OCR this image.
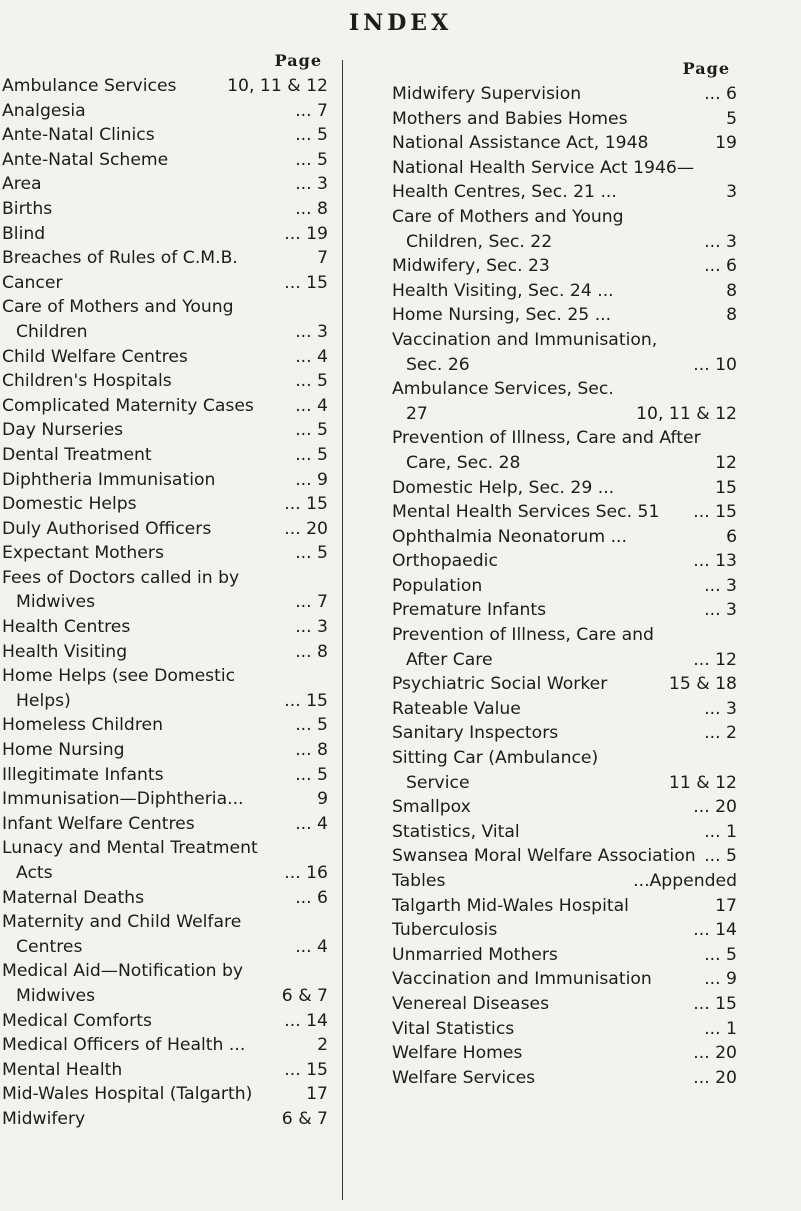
INDEX
Page
Ambulance Services	10, 11 & 12
Analgesia	... 7
Ante-Natal Clinics	... 5
Ante-Natal Scheme	... 5
Area	... 3
Births	... 8
Blind	... 19
Breaches of Rules of C.M.B.	7
Cancer	... 15
Care of Mothers and Young Children	... 3
Child Welfare Centres	... 4
Children's Hospitals	... 5
Complicated Maternity Cases	... 4
Day Nurseries	... 5
Dental Treatment	... 5
Diphtheria Immunisation	... 9
Domestic Helps	... 15
Duly Authorised Officers	... 20
Expectant Mothers	... 5
Fees of Doctors called in by Midwives	... 7
Health Centres	... 3
Health Visiting	... 8
Home Helps (see Domestic Helps)	... 15
Homeless Children	... 5
Home Nursing	... 8
Illegitimate Infants	... 5
Immunisation—Diphtheria...	9
Infant Welfare Centres	... 4
Lunacy and Mental Treatment Acts	... 16
Maternal Deaths	... 6
Maternity and Child Welfare Centres	... 4
Medical Aid—Notification by Midwives	6 & 7
Medical Comforts	... 14
Medical Officers of Health ...	2
Mental Health	... 15
Mid-Wales Hospital (Talgarth)	17
Midwifery	6 & 7
Page
Midwifery Supervision	... 6
Mothers and Babies Homes	5
National Assistance Act, 1948	19
National Health Service Act 1946—
Health Centres, Sec. 21 ...	3
Care of Mothers and Young Children, Sec. 22	... 3
Midwifery, Sec. 23	... 6
Health Visiting, Sec. 24 ...	8
Home Nursing, Sec. 25 ...	8
Vaccination and Immunisation, Sec. 26	... 10
Ambulance Services, Sec. 27	10, 11 & 12
Prevention of Illness, Care and After Care, Sec. 28	12
Domestic Help, Sec. 29 ...	15
Mental Health Services Sec. 51	... 15
Ophthalmia Neonatorum ...	6
Orthopaedic	... 13
Population	... 3
Premature Infants	... 3
Prevention of Illness, Care and After Care	... 12
Psychiatric Social Worker	15 & 18
Rateable Value	... 3
Sanitary Inspectors	... 2
Sitting Car (Ambulance) Service	11 & 12
Smallpox	... 20
Statistics, Vital	... 1
Swansea Moral Welfare Association ... 5
Tables	...Appended
Talgarth Mid-Wales Hospital	17
Tuberculosis	... 14
Unmarried Mothers	... 5
Vaccination and Immunisation	... 9
Venereal Diseases	... 15
Vital Statistics	... 1
Welfare Homes	... 20
Welfare Services	... 20
